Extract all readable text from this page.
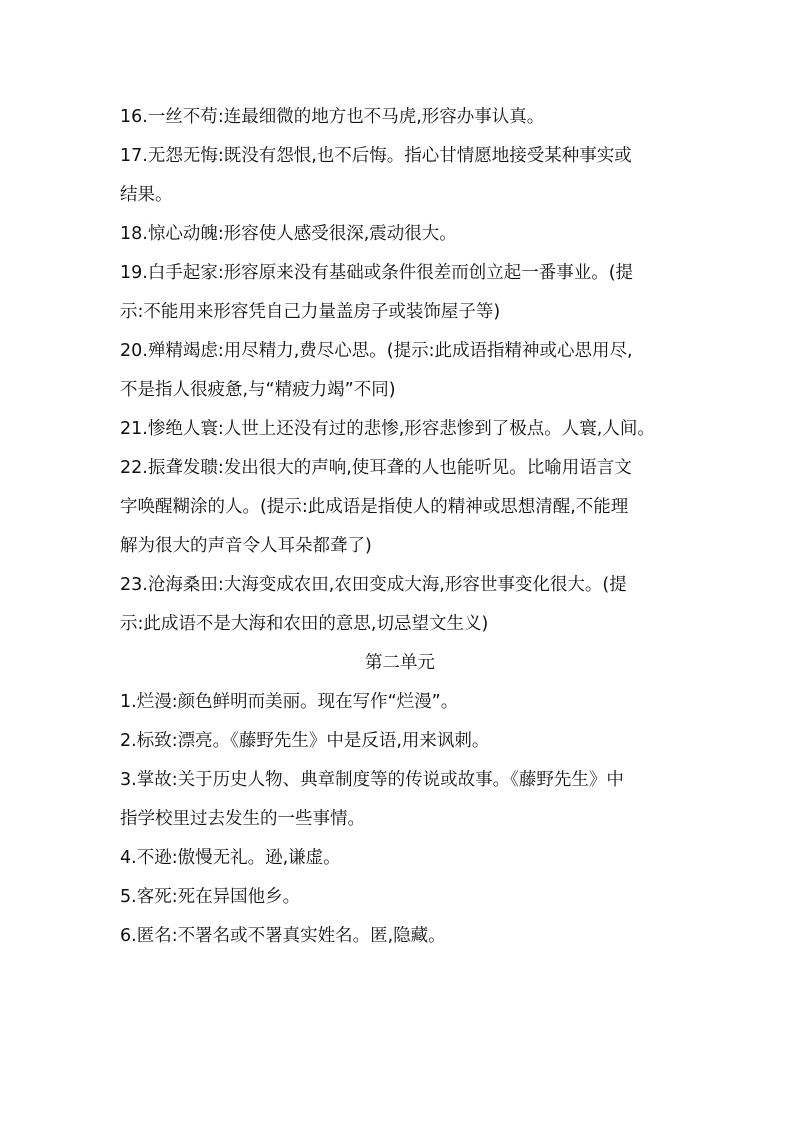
16.一丝不苟:连最细微的地方也不马虎,形容办事认真。
17.无怨无悔:既没有怨恨,也不后悔。指心甘情愿地接受某种事实或
结果。
18.惊心动魄:形容使人感受很深,震动很大。
19.白手起家:形容原来没有基础或条件很差而创立起一番事业。(提
示:不能用来形容凭自己力量盖房子或装饰屋子等)
20.殚精竭虑:用尽精力,费尽心思。(提示:此成语指精神或心思用尽,
不是指人很疲惫,与“精疲力竭”不同)
21.惨绝人寰:人世上还没有过的悲惨,形容悲惨到了极点。人寰,人间。
22.振聋发聩:发出很大的声响,使耳聋的人也能听见。比喻用语言文
字唤醒糊涂的人。(提示:此成语是指使人的精神或思想清醒,不能理
解为很大的声音令人耳朵都聋了)
23.沧海桑田:大海变成农田,农田变成大海,形容世事变化很大。(提
示:此成语不是大海和农田的意思,切忌望文生义)
第二单元
1.烂漫:颜色鲜明而美丽。现在写作“烂漫”。
2.标致:漂亮。《藤野先生》中是反语,用来讽刺。
3.掌故:关于历史人物、典章制度等的传说或故事。《藤野先生》中
指学校里过去发生的一些事情。
4.不逊:傲慢无礼。逊,谦虚。
5.客死:死在异国他乡。
6.匿名:不署名或不署真实姓名。匿,隐藏。
